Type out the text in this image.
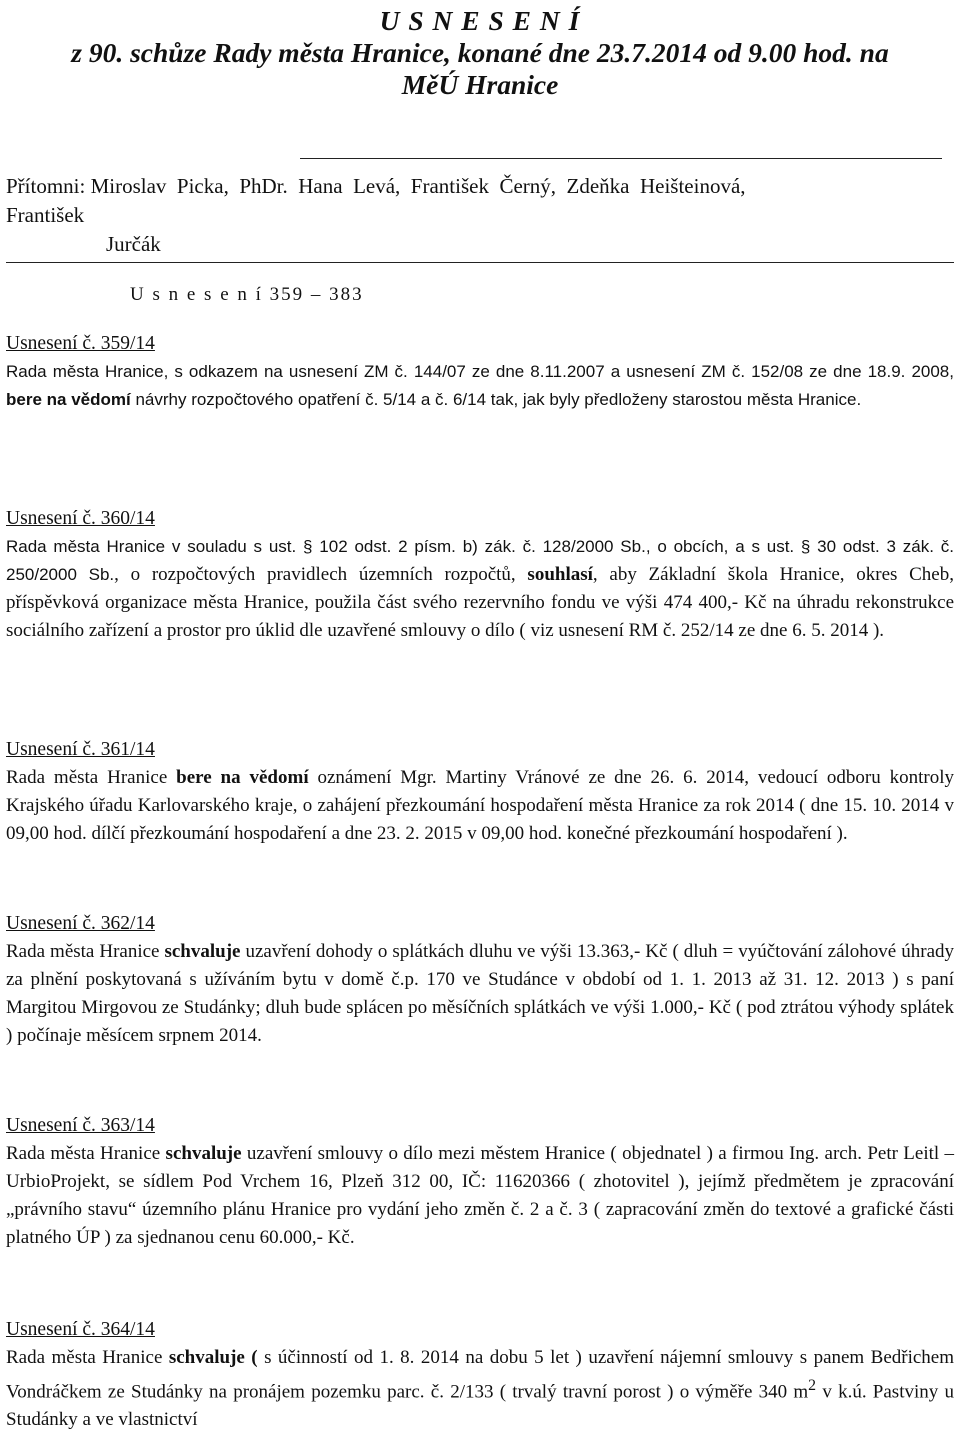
U S N E S E N Í
z 90. schůze Rady města Hranice, konané dne 23.7.2014 od 9.00 hod. na
MěÚ Hranice
Přítomni: Miroslav  Picka,  PhDr.  Hana  Levá,  František  Černý,  Zdeňka  Heišteinová,
František
Jurčák
U s n e s e n í 359 – 383
Usnesení č. 359/14
Rada města Hranice, s odkazem na usnesení ZM č. 144/07 ze dne 8.11.2007 a usnesení ZM č. 152/08 ze dne 18.9. 2008, bere na vědomí návrhy rozpočtového opatření č. 5/14 a č. 6/14 tak, jak byly předloženy starostou města Hranice.
Usnesení č. 360/14
Rada města Hranice v souladu s ust. § 102 odst. 2 písm. b) zák. č. 128/2000 Sb., o obcích, a s ust. § 30 odst. 3 zák. č. 250/2000 Sb., o rozpočtových pravidlech územních rozpočtů, souhlasí, aby Základní škola Hranice, okres Cheb, příspěvková organizace města Hranice, použila část svého rezervního fondu ve výši 474 400,- Kč na úhradu rekonstrukce sociálního zařízení a prostor pro úklid dle uzavřené smlouvy o dílo ( viz usnesení RM č. 252/14 ze dne 6. 5. 2014 ).
Usnesení č. 361/14
Rada města Hranice bere na vědomí oznámení Mgr. Martiny Vránové ze dne 26. 6. 2014, vedoucí odboru kontroly Krajského úřadu Karlovarského kraje, o zahájení přezkoumání hospodaření města Hranice za rok 2014 ( dne 15. 10. 2014 v 09,00 hod. dílčí přezkoumání hospodaření a dne 23. 2. 2015 v 09,00 hod. konečné přezkoumání hospodaření ).
Usnesení č. 362/14
Rada města Hranice schvaluje uzavření dohody o splátkách dluhu ve výši 13.363,- Kč ( dluh = vyúčtování zálohové úhrady za plnění poskytovaná s užíváním bytu v domě č.p. 170 ve Studánce v období od 1. 1. 2013 až 31. 12. 2013 ) s paní Margitou Mirgovou ze Studánky; dluh bude splácen po měsíčních splátkách ve výši 1.000,- Kč ( pod ztrátou výhody splátek ) počínaje měsícem srpnem 2014.
Usnesení č. 363/14
Rada města Hranice schvaluje uzavření smlouvy o dílo mezi městem Hranice ( objednatel ) a firmou Ing. arch. Petr Leitl – UrbioProjekt, se sídlem Pod Vrchem 16, Plzeň 312 00, IČ: 11620366 ( zhotovitel ), jejímž předmětem je zpracování „právního stavu“ územního plánu Hranice pro vydání jeho změn č. 2 a č. 3 ( zapracování změn do textové a grafické části platného ÚP ) za sjednanou cenu 60.000,- Kč.
Usnesení č. 364/14
Rada města Hranice schvaluje ( s účinností od 1. 8. 2014 na dobu 5 let ) uzavření nájemní smlouvy s panem Bedřichem Vondráčkem ze Studánky na pronájem pozemku parc. č. 2/133 ( trvalý travní porost ) o výměře 340 $m^2$ v k.ú. Pastviny u Studánky a ve vlastnictví
